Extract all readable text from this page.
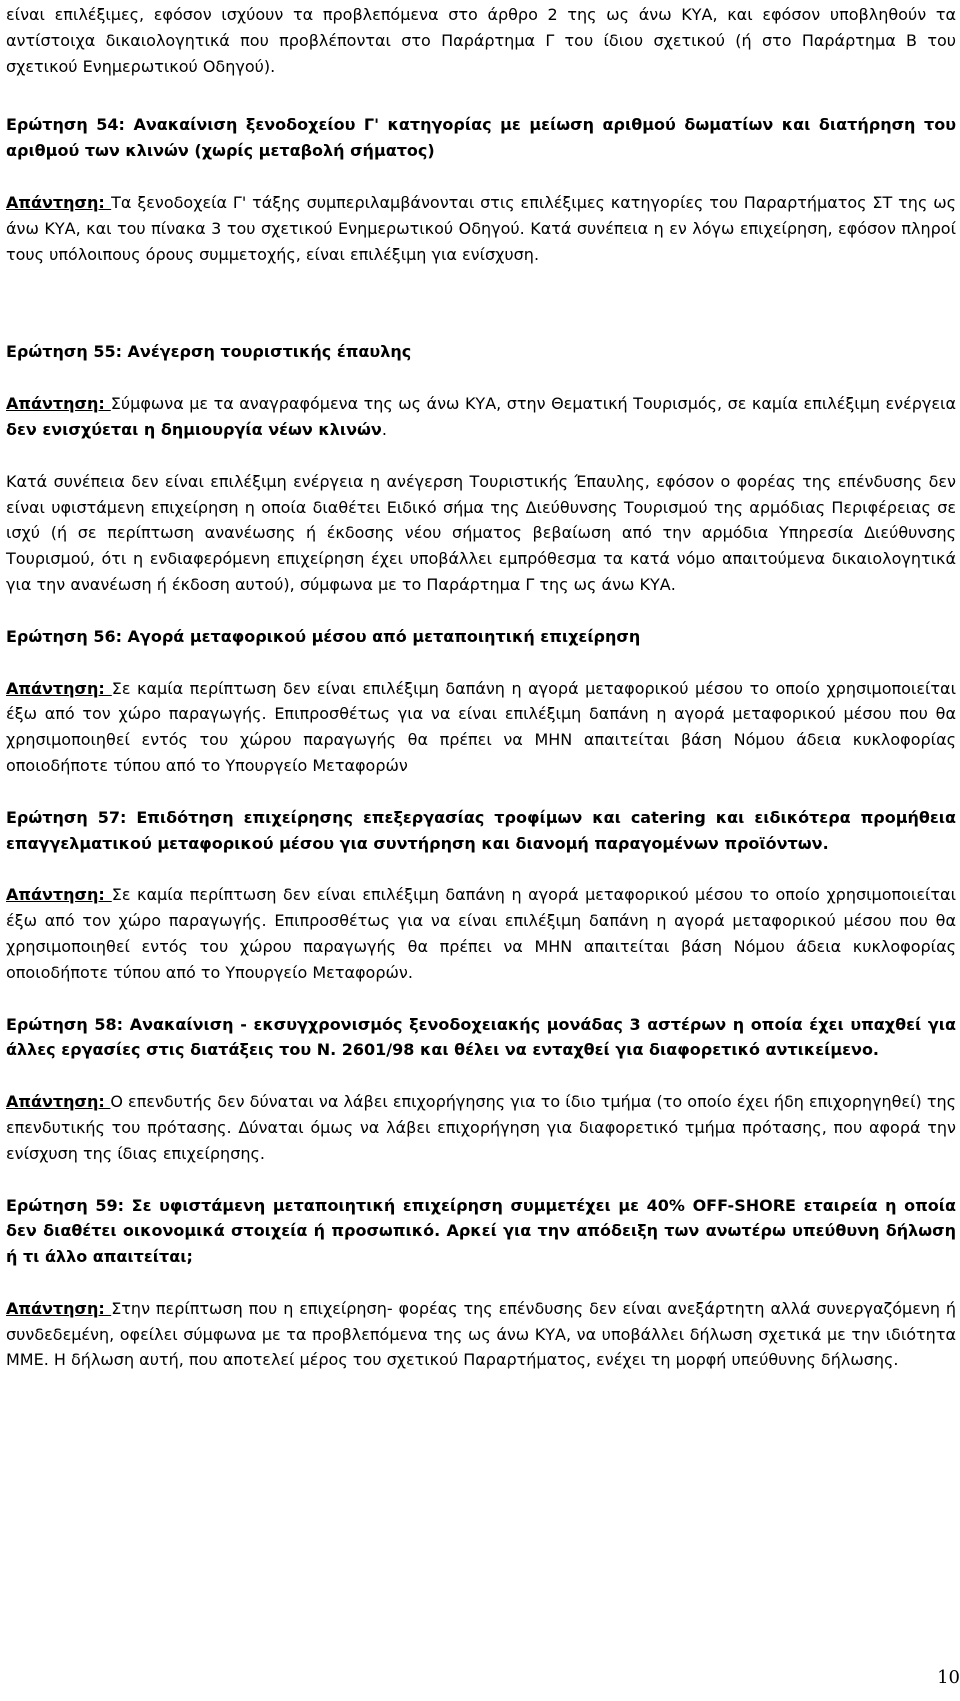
είναι επιλέξιμες, εφόσον ισχύουν τα προβλεπόμενα στο άρθρο 2 της ως άνω ΚΥΑ, και εφόσον υποβληθούν τα αντίστοιχα δικαιολογητικά που προβλέπονται στο Παράρτημα Γ του ίδιου σχετικού (ή στο Παράρτημα Β του σχετικού Ενημερωτικού Οδηγού).

Ερώτηση 54: Ανακαίνιση ξενοδοχείου Γ' κατηγορίας με μείωση αριθμού δωματίων και διατήρηση του αριθμού των κλινών (χωρίς μεταβολή σήματος)

Απάντηση: Τα ξενοδοχεία Γ' τάξης συμπεριλαμβάνονται στις επιλέξιμες κατηγορίες του Παραρτήματος ΣΤ της ως άνω ΚΥΑ, και του πίνακα 3 του σχετικού Ενημερωτικού Οδηγού. Κατά συνέπεια η εν λόγω επιχείρηση, εφόσον πληροί τους υπόλοιπους όρους συμμετοχής, είναι επιλέξιμη για ενίσχυση.

Ερώτηση 55: Ανέγερση τουριστικής έπαυλης

Απάντηση: Σύμφωνα με τα αναγραφόμενα της ως άνω ΚΥΑ, στην Θεματική Τουρισμός, σε καμία επιλέξιμη ενέργεια δεν ενισχύεται η δημιουργία νέων κλινών.

Κατά συνέπεια δεν είναι επιλέξιμη ενέργεια η ανέγερση Τουριστικής Έπαυλης, εφόσον ο φορέας της επένδυσης δεν είναι υφιστάμενη επιχείρηση η οποία διαθέτει Ειδικό σήμα της Διεύθυνσης Τουρισμού της αρμόδιας Περιφέρειας σε ισχύ (ή σε περίπτωση ανανέωσης ή έκδοσης νέου σήματος βεβαίωση από την αρμόδια Υπηρεσία Διεύθυνσης Τουρισμού, ότι η ενδιαφερόμενη επιχείρηση έχει υποβάλλει εμπρόθεσμα τα κατά νόμο απαιτούμενα δικαιολογητικά για την ανανέωση ή έκδοση αυτού), σύμφωνα με το Παράρτημα Γ της ως άνω ΚΥΑ.

Ερώτηση 56: Αγορά μεταφορικού μέσου από μεταποιητική επιχείρηση

Απάντηση: Σε καμία περίπτωση δεν είναι επιλέξιμη δαπάνη η αγορά μεταφορικού μέσου το οποίο χρησιμοποιείται έξω από τον χώρο παραγωγής. Επιπροσθέτως για να είναι επιλέξιμη δαπάνη η αγορά μεταφορικού μέσου που θα χρησιμοποιηθεί εντός του χώρου παραγωγής θα πρέπει να ΜΗΝ απαιτείται βάση Νόμου άδεια κυκλοφορίας οποιοδήποτε τύπου από το Υπουργείο Μεταφορών

Ερώτηση 57: Επιδότηση επιχείρησης επεξεργασίας τροφίμων και catering και ειδικότερα προμήθεια επαγγελματικού μεταφορικού μέσου για συντήρηση και διανομή παραγομένων προϊόντων.

Απάντηση: Σε καμία περίπτωση δεν είναι επιλέξιμη δαπάνη η αγορά μεταφορικού μέσου το οποίο χρησιμοποιείται έξω από τον χώρο παραγωγής. Επιπροσθέτως για να είναι επιλέξιμη δαπάνη η αγορά μεταφορικού μέσου που θα χρησιμοποιηθεί εντός του χώρου παραγωγής θα πρέπει να ΜΗΝ απαιτείται βάση Νόμου άδεια κυκλοφορίας οποιοδήποτε τύπου από το Υπουργείο Μεταφορών.

Ερώτηση 58: Ανακαίνιση - εκσυγχρονισμός ξενοδοχειακής μονάδας 3 αστέρων η οποία έχει υπαχθεί για άλλες εργασίες στις διατάξεις του Ν. 2601/98 και θέλει να ενταχθεί για διαφορετικό αντικείμενο.

Απάντηση: Ο επενδυτής δεν δύναται να λάβει επιχορήγησης για το ίδιο τμήμα (το οποίο έχει ήδη επιχορηγηθεί) της επενδυτικής του πρότασης. Δύναται όμως να λάβει επιχορήγηση για διαφορετικό τμήμα πρότασης, που αφορά την ενίσχυση της ίδιας επιχείρησης.

Ερώτηση 59: Σε υφιστάμενη μεταποιητική επιχείρηση συμμετέχει με 40% OFF-SHORE εταιρεία η οποία δεν διαθέτει οικονομικά στοιχεία ή προσωπικό. Αρκεί για την απόδειξη των ανωτέρω υπεύθυνη δήλωση ή τι άλλο απαιτείται;

Απάντηση: Στην περίπτωση που η επιχείρηση- φορέας της επένδυσης δεν είναι ανεξάρτητη αλλά συνεργαζόμενη ή συνδεδεμένη, οφείλει σύμφωνα με τα προβλεπόμενα της ως άνω ΚΥΑ, να υποβάλλει δήλωση σχετικά με την ιδιότητα ΜΜΕ. Η δήλωση αυτή, που αποτελεί μέρος του σχετικού Παραρτήματος, ενέχει τη μορφή υπεύθυνης δήλωσης.

10
